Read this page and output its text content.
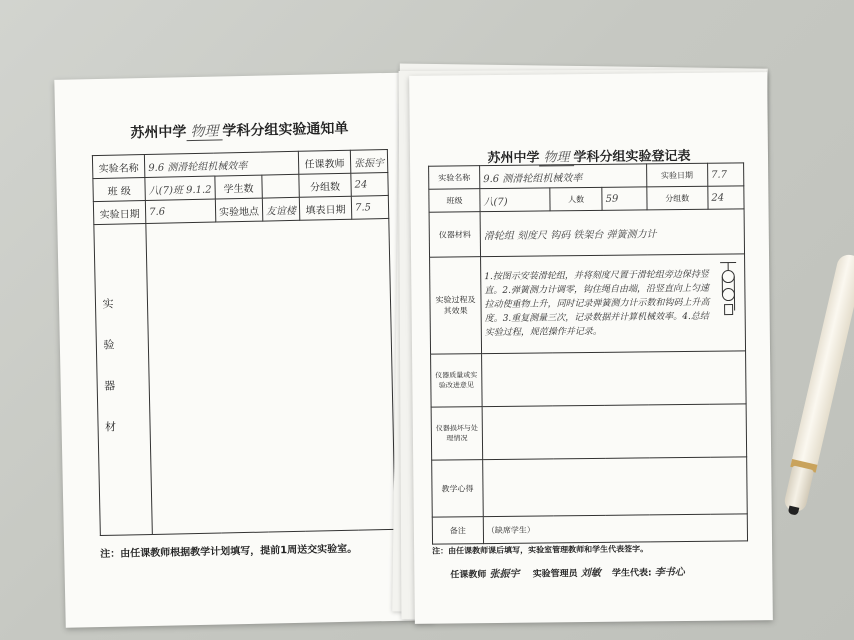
苏州中学 物理 学科分组实验通知单
实验名称	9.6 测滑轮组机械效率			任课教师	张振宇
班 级	八(7)班 9.1.2	学生数		分组数	24
实验日期	7.6	实验地点	友谊楼	填表日期	7.5

实验器材					

注：由任课教师根据教学计划填写，提前1周送交实验室。
苏州中学 物理 学科分组实验登记表
实验名称	9.6 测滑轮组机械效率			实验日期	7.7
班级	八(7)	人数	59	分组数	24
仪器材料	滑轮组 刻度尺 钩码 铁架台 弹簧测力计				
实验过程及其效果	1.按图示安装滑轮组，并将刻度尺置于滑轮组旁边保持竖直。2.弹簧测力计调零，钩住绳自由端，沿竖直向上匀速拉动使重物上升，同时记录弹簧测力计示数和钩码上升高度。3.重复测量三次，记录数据并计算机械效率。4.总结实验过程，规范操作并记录。				

仪器质量或实验改进意见					
仪器损坏与处理情况					
教学心得					
备注	（缺席学生）				
注：由任课教师课后填写，实验室管理教师和学生代表签字。
任课教师 张振宇 实验管理员 刘敏 学生代表: 李书心
